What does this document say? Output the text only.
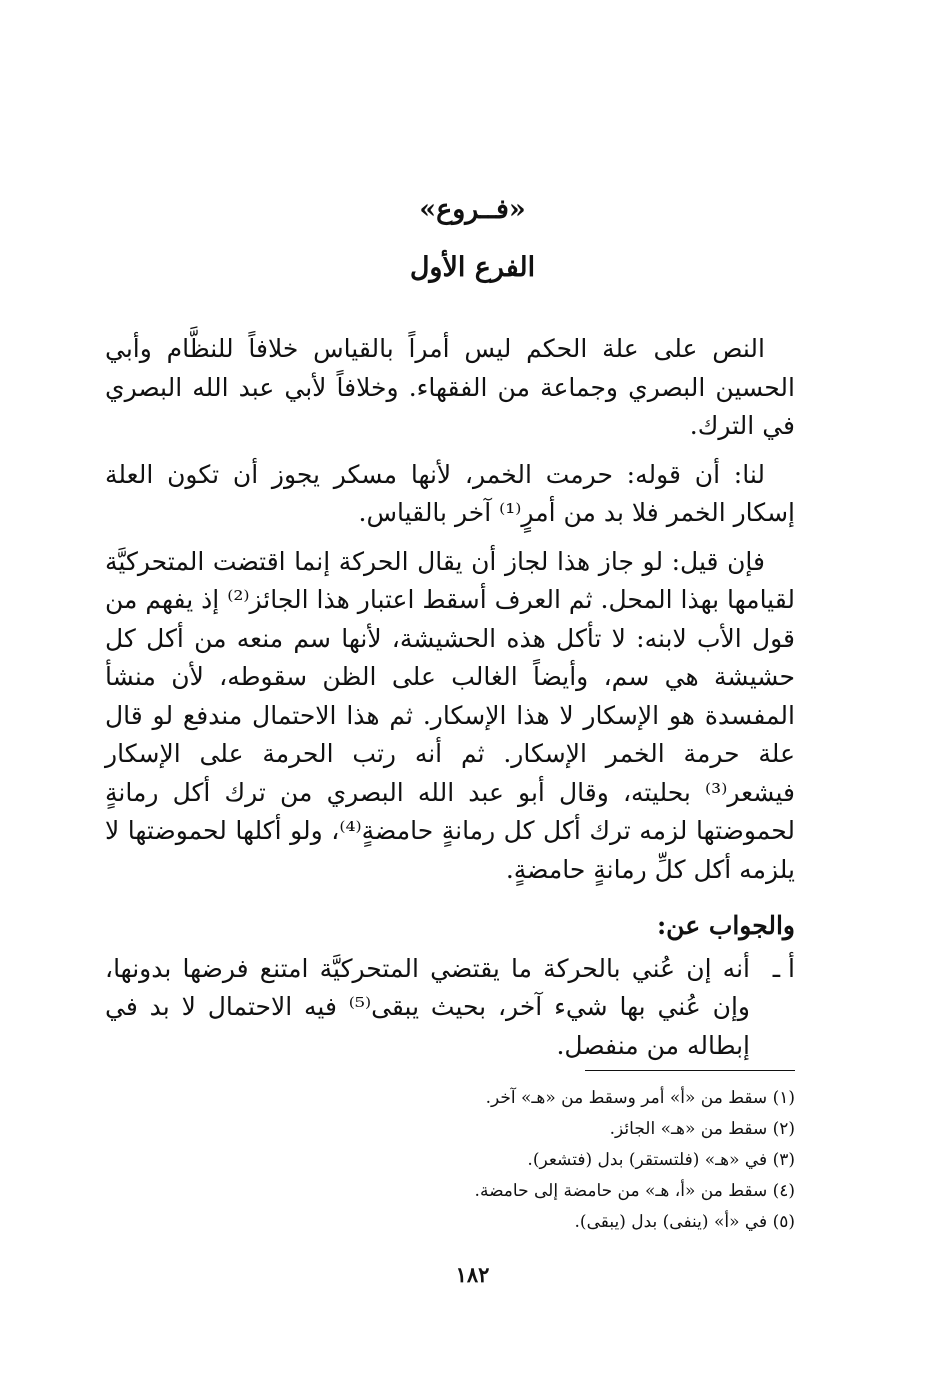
«فــروع»
الفرع الأول

النص على علة الحكم ليس أمراً بالقياس خلافاً للنظَّام وأبي الحسين البصري وجماعة من الفقهاء. وخلافاً لأبي عبد الله البصري في الترك.

لنا: أن قوله: حرمت الخمر، لأنها مسكر يجوز أن تكون العلة إسكار الخمر فلا بد من أمرٍ⁽¹⁾ آخر بالقياس.

فإن قيل: لو جاز هذا لجاز أن يقال الحركة إنما اقتضت المتحركيَّة لقيامها بهذا المحل. ثم العرف أسقط اعتبار هذا الجائز⁽²⁾ إذ يفهم من قول الأب لابنه: لا تأكل هذه الحشيشة، لأنها سم منعه من أكل كل حشيشة هي سم، وأيضاً الغالب على الظن سقوطه، لأن منشأ المفسدة هو الإسكار لا هذا الإسكار. ثم هذا الاحتمال مندفع لو قال علة حرمة الخمر الإسكار. ثم أنه رتب الحرمة على الإسكار فيشعر⁽³⁾ بحليته، وقال أبو عبد الله البصري من ترك أكل رمانةٍ لحموضتها لزمه ترك أكل كل رمانةٍ حامضةٍ⁽⁴⁾، ولو أكلها لحموضتها لا يلزمه أكل كلِّ رمانةٍ حامضةٍ.

والجواب عن:
أ ـ
أنه إن عُني بالحركة ما يقتضي المتحركيَّة امتنع فرضها بدونها، وإن عُني بها شيء آخر، بحيث يبقى⁽⁵⁾ فيه الاحتمال لا بد في إبطاله من منفصل.

(١) سقط من «أ» أمر وسقط من «هـ» آخر.

(٢) سقط من «هـ» الجائز.

(٣) في «هـ» (فلتستقر) بدل (فتشعر).

(٤) سقط من «أ، هـ» من حامضة إلى حامضة.

(٥) في «أ» (ينفى) بدل (يبقى).

١٨٢
